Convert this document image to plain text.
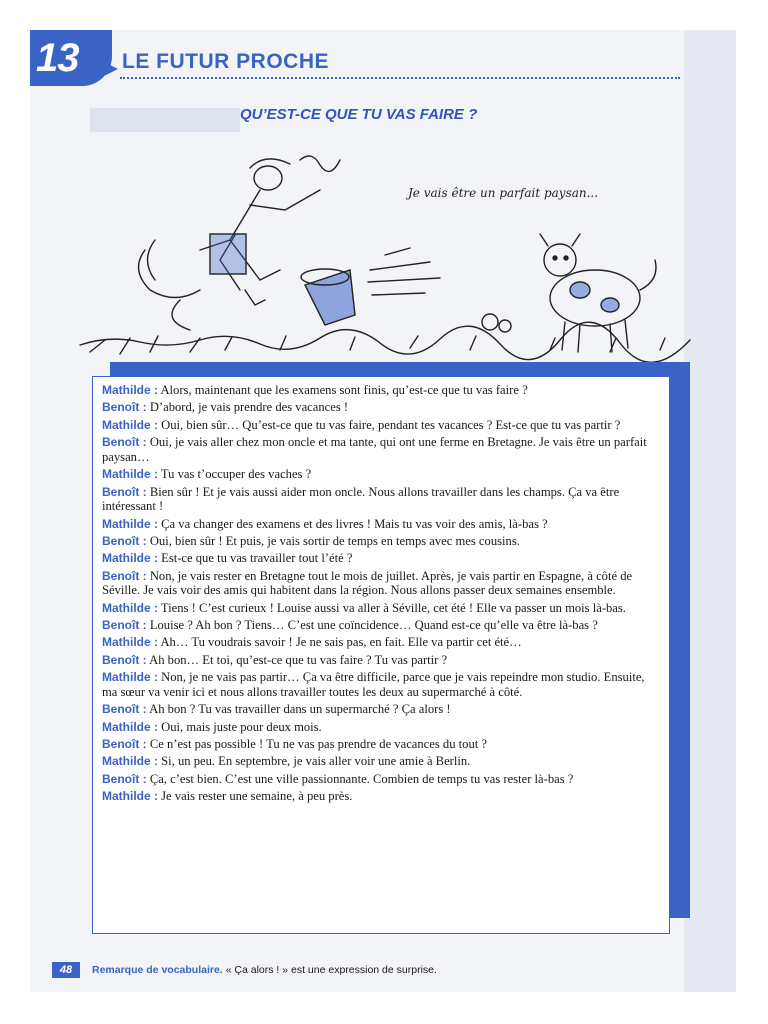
13 LE FUTUR PROCHE
QU’EST-CE QUE TU VAS FAIRE ?
Je vais être un parfait paysan...

Mathilde : Alors, maintenant que les examens sont finis, qu’est-ce que tu vas faire ?

Benoît : D’abord, je vais prendre des vacances !

Mathilde : Oui, bien sûr… Qu’est-ce que tu vas faire, pendant tes vacances ? Est-ce que tu vas partir ?

Benoît : Oui, je vais aller chez mon oncle et ma tante, qui ont une ferme en Bretagne. Je vais être un parfait paysan…

Mathilde : Tu vas t’occuper des vaches ?

Benoît : Bien sûr ! Et je vais aussi aider mon oncle. Nous allons travailler dans les champs. Ça va être intéressant !

Mathilde : Ça va changer des examens et des livres ! Mais tu vas voir des amis, là-bas ?

Benoît : Oui, bien sûr ! Et puis, je vais sortir de temps en temps avec mes cousins.

Mathilde : Est-ce que tu vas travailler tout l’été ?

Benoît : Non, je vais rester en Bretagne tout le mois de juillet. Après, je vais partir en Espagne, à côté de Séville. Je vais voir des amis qui habitent dans la région. Nous allons passer deux semaines ensemble.

Mathilde : Tiens ! C’est curieux ! Louise aussi va aller à Séville, cet été ! Elle va passer un mois là-bas.

Benoît : Louise ? Ah bon ? Tiens… C’est une coïncidence… Quand est-ce qu’elle va être là-bas ?

Mathilde : Ah… Tu voudrais savoir ! Je ne sais pas, en fait. Elle va partir cet été…

Benoît : Ah bon… Et toi, qu’est-ce que tu vas faire ? Tu vas partir ?

Mathilde : Non, je ne vais pas partir… Ça va être difficile, parce que je vais repeindre mon studio. Ensuite, ma sœur va venir ici et nous allons travailler toutes les deux au supermarché à côté.

Benoît : Ah bon ? Tu vas travailler dans un supermarché ? Ça alors !

Mathilde : Oui, mais juste pour deux mois.

Benoît : Ce n’est pas possible ! Tu ne vas pas prendre de vacances du tout ?

Mathilde : Si, un peu. En septembre, je vais aller voir une amie à Berlin.

Benoît : Ça, c’est bien. C’est une ville passionnante. Combien de temps tu vas rester là-bas ?

Mathilde : Je vais rester une semaine, à peu près.

48	Remarque de vocabulaire. « Ça alors ! » est une expression de surprise.
